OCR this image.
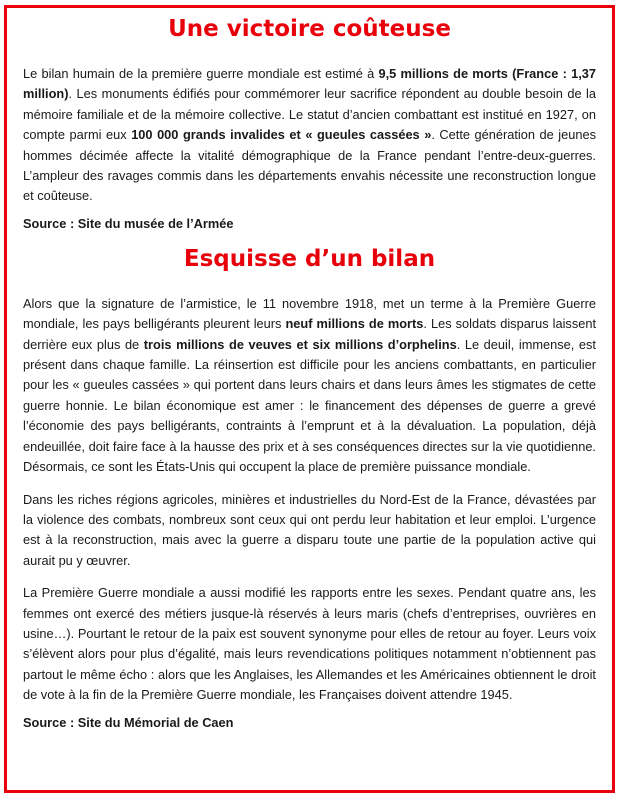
Une victoire coûteuse

Le bilan humain de la première guerre mondiale est estimé à 9,5 millions de morts (France : 1,37 million). Les monuments édifiés pour commémorer leur sacrifice répondent au double besoin de la mémoire familiale et de la mémoire collective. Le statut d’ancien combattant est institué en 1927, on compte parmi eux 100 000 grands invalides et « gueules cassées ». Cette génération de jeunes hommes décimée affecte la vitalité démographique de la France pendant l’entre-deux-guerres. L’ampleur des ravages commis dans les départements envahis nécessite une reconstruction longue et coûteuse.

Source : Site du musée de l’Armée
Esquisse d’un bilan

Alors que la signature de l’armistice, le 11 novembre 1918, met un terme à la Première Guerre mondiale, les pays belligérants pleurent leurs neuf millions de morts. Les soldats disparus laissent derrière eux plus de trois millions de veuves et six millions d’orphelins. Le deuil, immense, est présent dans chaque famille. La réinsertion est difficile pour les anciens combattants, en particulier pour les « gueules cassées » qui portent dans leurs chairs et dans leurs âmes les stigmates de cette guerre honnie. Le bilan économique est amer : le financement des dépenses de guerre a grevé l’économie des pays belligérants, contraints à l’emprunt et à la dévaluation. La population, déjà endeuillée, doit faire face à la hausse des prix et à ses conséquences directes sur la vie quotidienne. Désormais, ce sont les États-Unis qui occupent la place de première puissance mondiale.

Dans les riches régions agricoles, minières et industrielles du Nord-Est de la France, dévastées par la violence des combats, nombreux sont ceux qui ont perdu leur habitation et leur emploi. L’urgence est à la reconstruction, mais avec la guerre a disparu toute une partie de la population active qui aurait pu y œuvrer.

La Première Guerre mondiale a aussi modifié les rapports entre les sexes. Pendant quatre ans, les femmes ont exercé des métiers jusque-là réservés à leurs maris (chefs d’entreprises, ouvrières en usine…). Pourtant le retour de la paix est souvent synonyme pour elles de retour au foyer. Leurs voix s’élèvent alors pour plus d’égalité, mais leurs revendications politiques notamment n’obtiennent pas partout le même écho : alors que les Anglaises, les Allemandes et les Américaines obtiennent le droit de vote à la fin de la Première Guerre mondiale, les Françaises doivent attendre 1945.

Source : Site du Mémorial de Caen
